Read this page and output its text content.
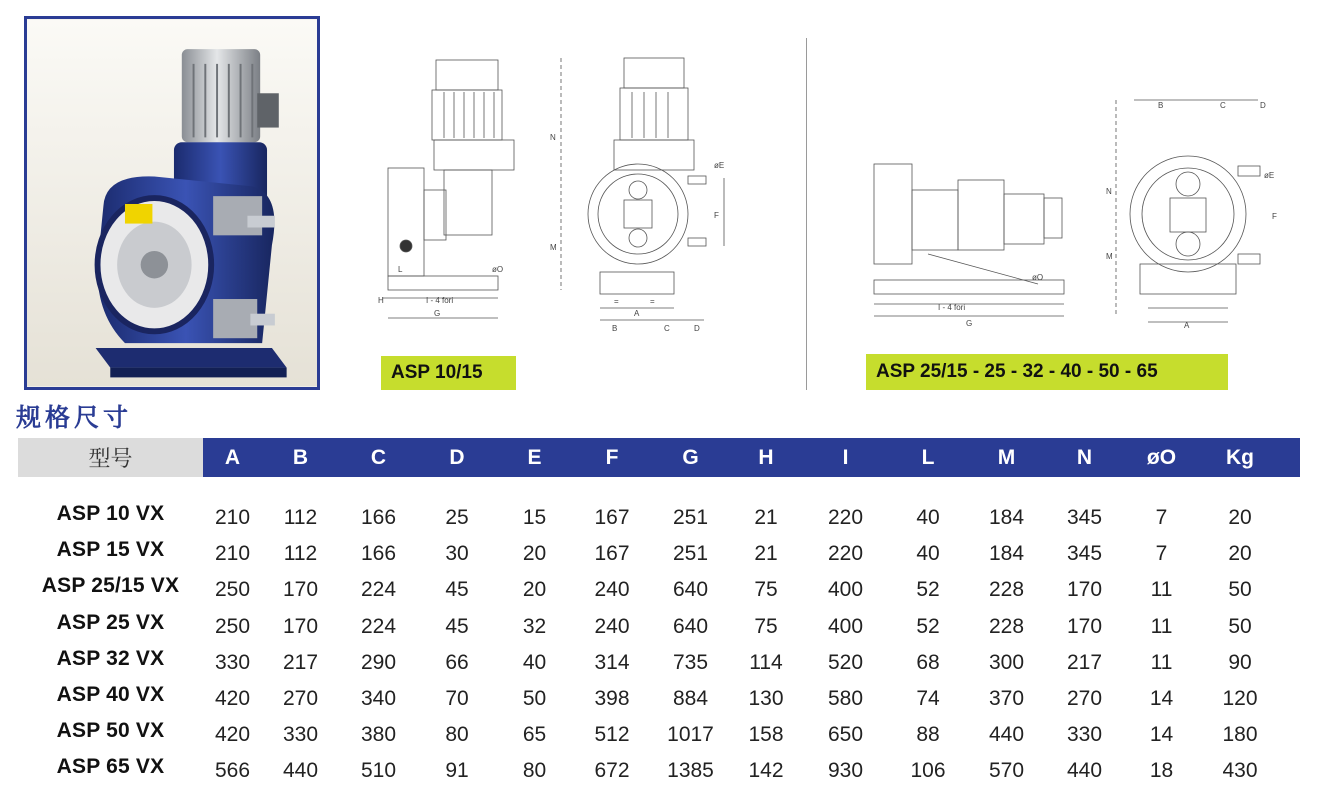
I - 4 fori
G
H
L	øO
=	=
A
B	C	D
N
M
F
øE
ASP 10/15
I - 4 fori
G
øO
B	C	D
A
N
M
F
øE
ASP 25/15 - 25 - 32 - 40 - 50 - 65
规格尺寸
型号	A	B	C	D	E	F	G	H	I	L	M	N	øO	Kg
ASP 10 VX	210	112	166	25	15	167	251	21	220	40	184	345	7	20
ASP 15 VX	210	112	166	30	20	167	251	21	220	40	184	345	7	20
ASP 25/15 VX	250	170	224	45	20	240	640	75	400	52	228	170	11	50
ASP 25 VX	250	170	224	45	32	240	640	75	400	52	228	170	11	50
ASP 32 VX	330	217	290	66	40	314	735	114	520	68	300	217	11	90
ASP 40 VX	420	270	340	70	50	398	884	130	580	74	370	270	14	120
ASP 50 VX	420	330	380	80	65	512	1017	158	650	88	440	330	14	180
ASP 65 VX	566	440	510	91	80	672	1385	142	930	106	570	440	18	430
